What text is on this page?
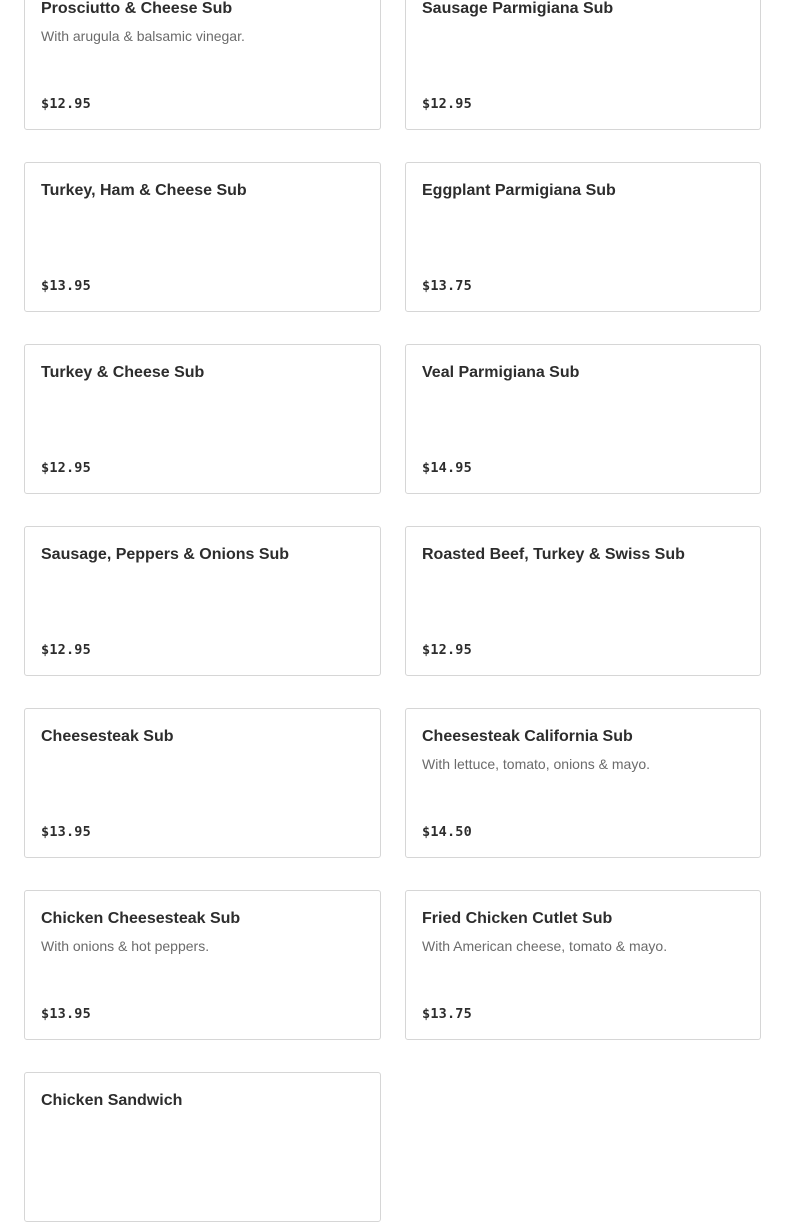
Prosciutto & Cheese Sub
With arugula & balsamic vinegar.
$12.95
Sausage Parmigiana Sub
$12.95
Turkey, Ham & Cheese Sub
$13.95
Eggplant Parmigiana Sub
$13.75
Turkey & Cheese Sub
$12.95
Veal Parmigiana Sub
$14.95
Sausage, Peppers & Onions Sub
$12.95
Roasted Beef, Turkey & Swiss Sub
$12.95
Cheesesteak Sub
$13.95
Cheesesteak California Sub
With lettuce, tomato, onions & mayo.
$14.50
Chicken Cheesesteak Sub
With onions & hot peppers.
$13.95
Fried Chicken Cutlet Sub
With American cheese, tomato & mayo.
$13.75
Chicken Sandwich
